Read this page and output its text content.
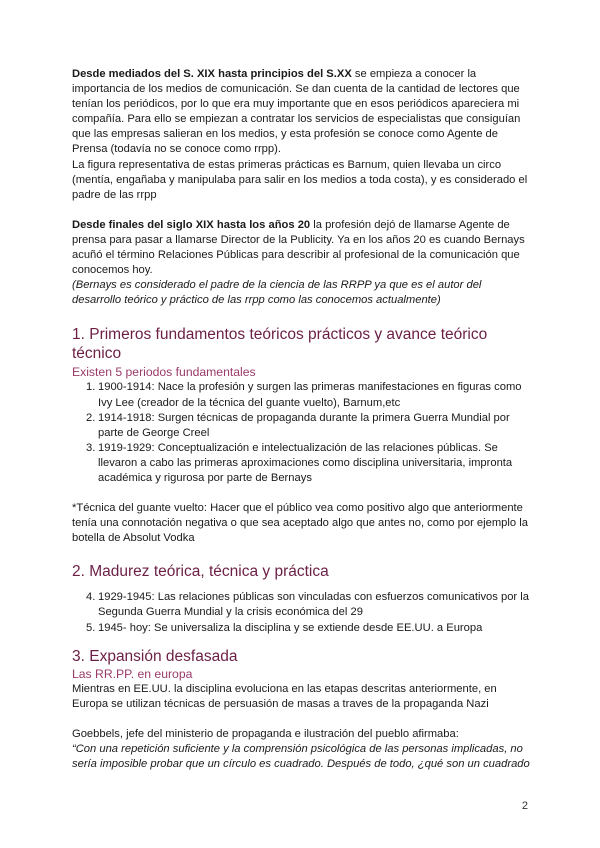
Desde mediados del S. XIX hasta principios del S.XX se empieza a conocer la importancia de los medios de comunicación. Se dan cuenta de la cantidad de lectores que tenían los periódicos, por lo que era muy importante que en esos periódicos apareciera mi compañía. Para ello se empiezan a contratar los servicios de especialistas que consiguían que las empresas salieran en los medios, y esta profesión se conoce como Agente de Prensa (todavía no se conoce como rrpp).

La figura representativa de estas primeras prácticas es Barnum, quien llevaba un circo (mentía, engañaba y manipulaba para salir en los medios a toda costa), y es considerado el padre de las rrpp

Desde finales del siglo XIX hasta los años 20 la profesión dejó de llamarse Agente de prensa para pasar a llamarse Director de la Publicity. Ya en los años 20 es cuando Bernays acuñó el término Relaciones Públicas para describir al profesional de la comunicación que conocemos hoy.

(Bernays es considerado el padre de la ciencia de las RRPP ya que es el autor del desarrollo teórico y práctico de las rrpp como las conocemos actualmente)

1. Primeros fundamentos teóricos prácticos y avance teórico técnico
Existen 5 periodos fundamentales
1. 1900-1914: Nace la profesión y surgen las primeras manifestaciones en figuras como Ivy Lee (creador de la técnica del guante vuelto), Barnum,etc
2. 1914-1918: Surgen técnicas de propaganda durante la primera Guerra Mundial por parte de George Creel
3. 1919-1929: Conceptualización e intelectualización de las relaciones públicas. Se llevaron a cabo las primeras aproximaciones como disciplina universitaria, impronta académica y rigurosa por parte de Bernays

*Técnica del guante vuelto: Hacer que el público vea como positivo algo que anteriormente tenía una connotación negativa o que sea aceptado algo que antes no, como por ejemplo la botella de Absolut Vodka

2. Madurez teórica, técnica y práctica
4. 1929-1945: Las relaciones públicas son vinculadas con esfuerzos comunicativos por la Segunda Guerra Mundial y la crisis económica del 29
5. 1945- hoy: Se universaliza la disciplina y se extiende desde EE.UU. a Europa
3. Expansión desfasada
Las RR.PP. en europa

Mientras en EE.UU. la disciplina evoluciona en las etapas descritas anteriormente, en Europa se utilizan técnicas de persuasión de masas a traves de la propaganda Nazi

Goebbels, jefe del ministerio de propaganda e ilustración del pueblo afirmaba:

“Con una repetición suficiente y la comprensión psicológica de las personas implicadas, no sería imposible probar que un círculo es cuadrado. Después de todo, ¿qué son un cuadrado

2
